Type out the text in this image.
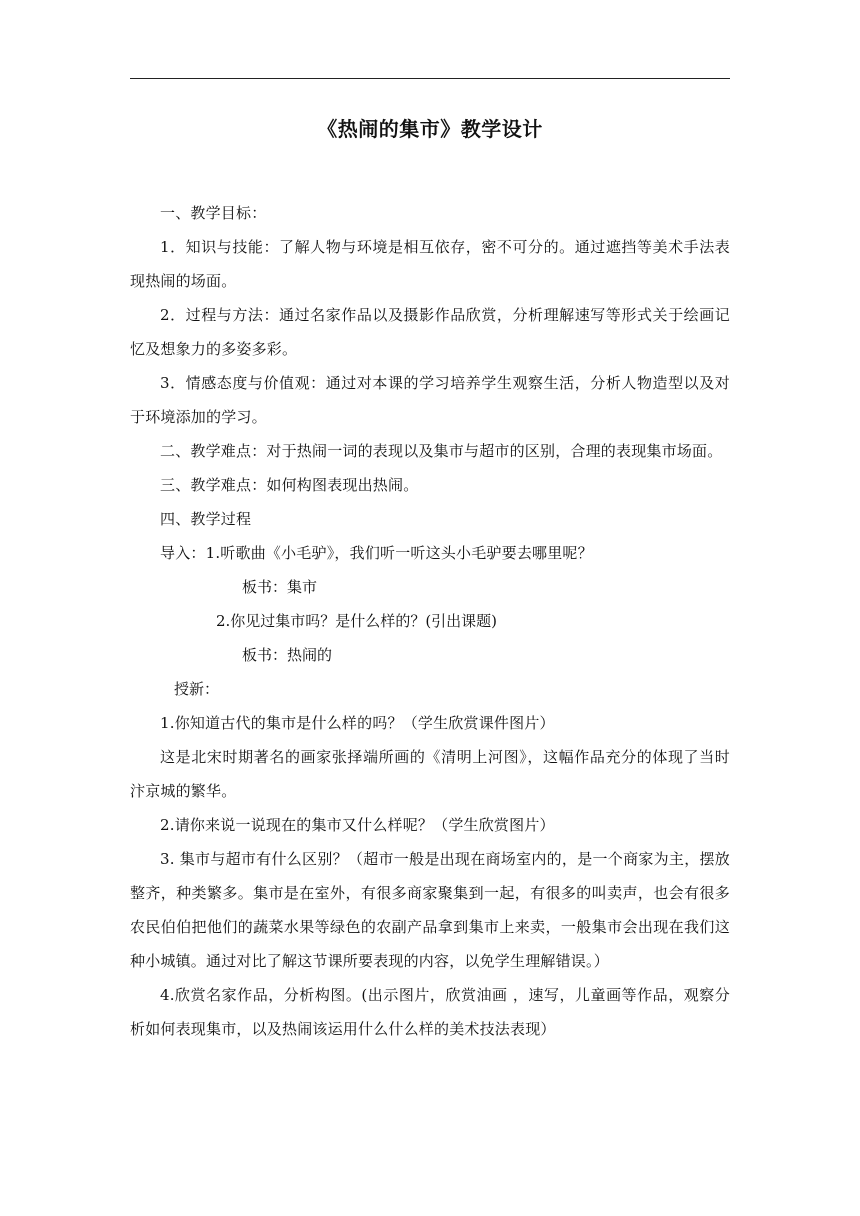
《热闹的集市》教学设计

一、教学目标：

1．知识与技能：了解人物与环境是相互依存，密不可分的。通过遮挡等美术手法表现热闹的场面。

2．过程与方法：通过名家作品以及摄影作品欣赏，分析理解速写等形式关于绘画记忆及想象力的多姿多彩。

3．情感态度与价值观：通过对本课的学习培养学生观察生活，分析人物造型以及对于环境添加的学习。

二、教学难点：对于热闹一词的表现以及集市与超市的区别，合理的表现集市场面。

三、教学难点：如何构图表现出热闹。

四、教学过程

导入：1.听歌曲《小毛驴》，我们听一听这头小毛驴要去哪里呢？

板书：集市

2.你见过集市吗？是什么样的？(引出课题)

板书：热闹的

授新：

1.你知道古代的集市是什么样的吗？（学生欣赏课件图片）

这是北宋时期著名的画家张择端所画的《清明上河图》，这幅作品充分的体现了当时汴京城的繁华。

2.请你来说一说现在的集市又什么样呢？（学生欣赏图片）

3. 集市与超市有什么区别？（超市一般是出现在商场室内的，是一个商家为主，摆放整齐，种类繁多。集市是在室外，有很多商家聚集到一起，有很多的叫卖声，也会有很多农民伯伯把他们的蔬菜水果等绿色的农副产品拿到集市上来卖，一般集市会出现在我们这种小城镇。通过对比了解这节课所要表现的内容，以免学生理解错误。）

4.欣赏名家作品，分析构图。(出示图片，欣赏油画 ，速写，儿童画等作品，观察分析如何表现集市，以及热闹该运用什么什么样的美术技法表现）
